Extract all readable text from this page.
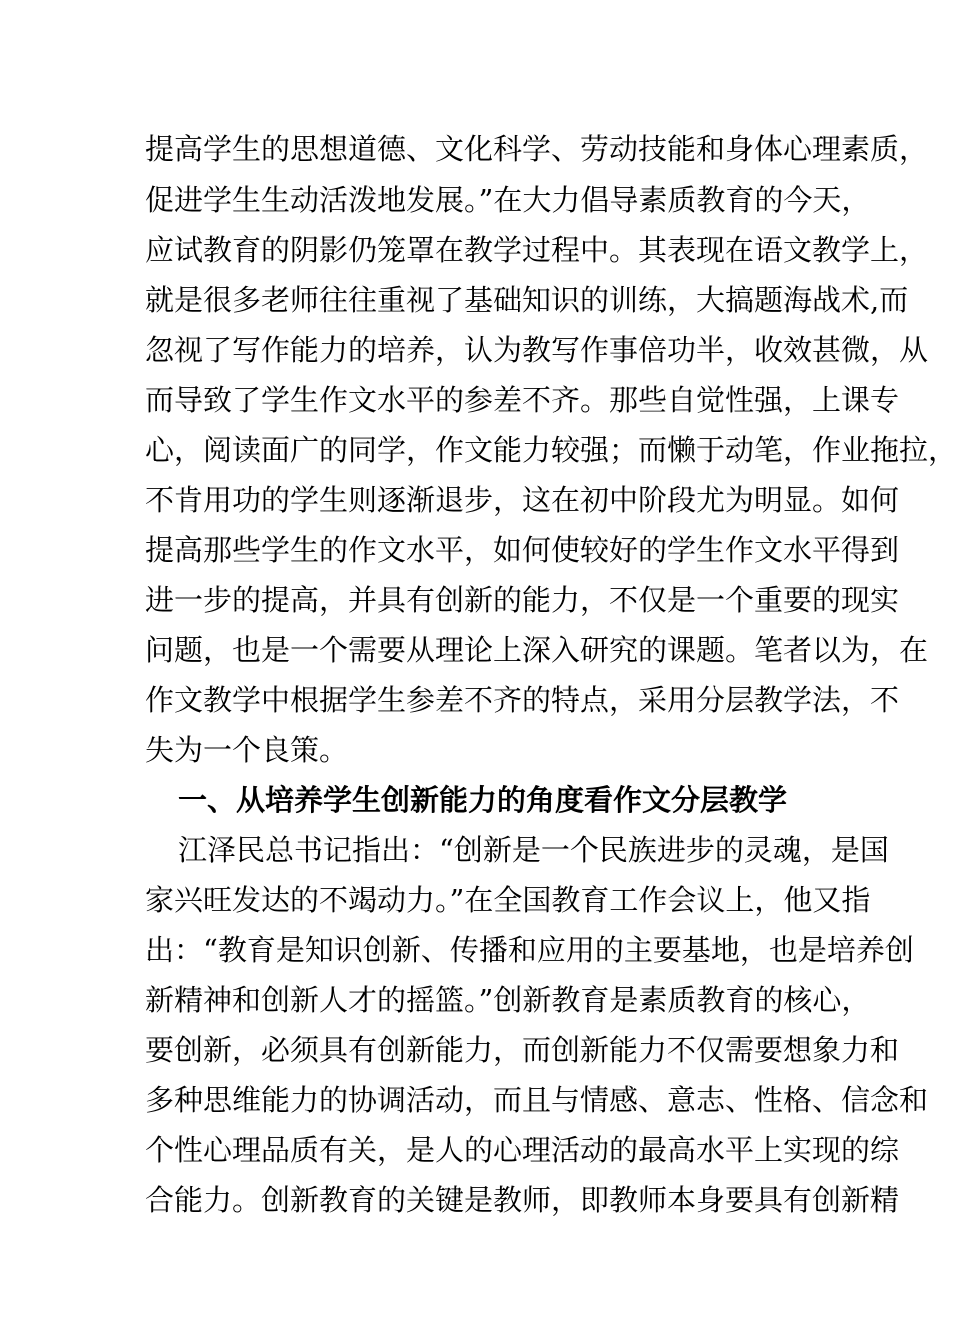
提高学生的思想道德、文化科学、劳动技能和身体心理素质，
促进学生生动活泼地发展。”在大力倡导素质教育的今天，
应试教育的阴影仍笼罩在教学过程中。其表现在语文教学上，
就是很多老师往往重视了基础知识的训练，大搞题海战术,而
忽视了写作能力的培养，认为教写作事倍功半，收效甚微，从
而导致了学生作文水平的参差不齐。那些自觉性强，上课专
心，阅读面广的同学，作文能力较强；而懒于动笔，作业拖拉，
不肯用功的学生则逐渐退步，这在初中阶段尤为明显。如何
提高那些学生的作文水平，如何使较好的学生作文水平得到
进一步的提高，并具有创新的能力，不仅是一个重要的现实
问题，也是一个需要从理论上深入研究的课题。笔者以为，在
作文教学中根据学生参差不齐的特点，采用分层教学法，不
失为一个良策。
一、从培养学生创新能力的角度看作文分层教学
江泽民总书记指出：“创新是一个民族进步的灵魂，是国
家兴旺发达的不竭动力。”在全国教育工作会议上，他又指
出：“教育是知识创新、传播和应用的主要基地，也是培养创
新精神和创新人才的摇篮。”创新教育是素质教育的核心，
要创新，必须具有创新能力，而创新能力不仅需要想象力和
多种思维能力的协调活动，而且与情感、意志、性格、信念和
个性心理品质有关，是人的心理活动的最高水平上实现的综
合能力。创新教育的关键是教师，即教师本身要具有创新精
